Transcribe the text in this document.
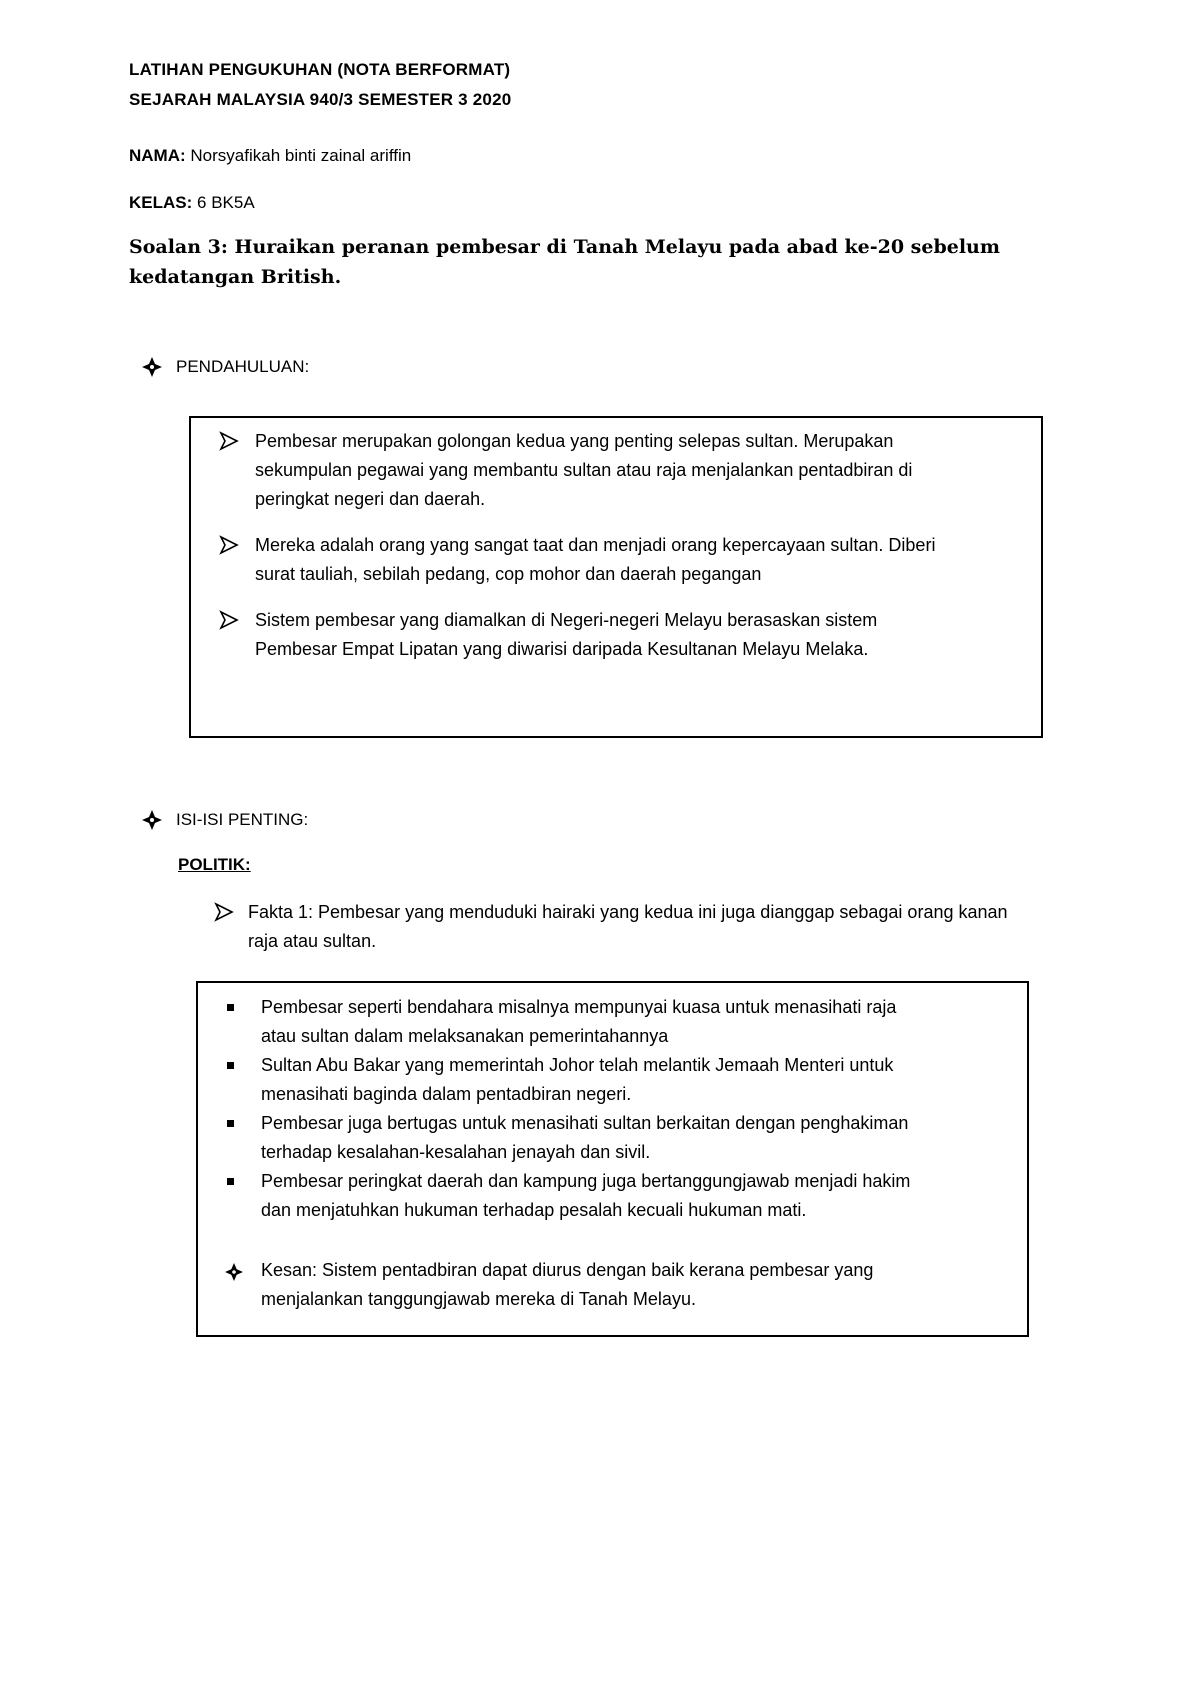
LATIHAN PENGUKUHAN (NOTA BERFORMAT)
SEJARAH MALAYSIA 940/3 SEMESTER 3 2020
NAMA: Norsyafikah binti zainal ariffin
KELAS: 6 BK5A
Soalan 3: Huraikan peranan pembesar di Tanah Melayu pada abad ke-20 sebelum
kedatangan British.
PENDAHULUAN:
Pembesar merupakan golongan kedua yang penting selepas sultan. Merupakan
sekumpulan pegawai yang membantu sultan atau raja menjalankan pentadbiran di
peringkat negeri dan daerah.
Mereka adalah orang yang sangat taat dan menjadi orang kepercayaan sultan. Diberi
surat tauliah, sebilah pedang, cop mohor dan daerah pegangan
Sistem pembesar yang diamalkan di Negeri-negeri Melayu berasaskan sistem
Pembesar Empat Lipatan yang diwarisi daripada Kesultanan Melayu Melaka.
ISI-ISI PENTING:
POLITIK:
Fakta 1: Pembesar yang menduduki hairaki yang kedua ini juga dianggap sebagai orang kanan
raja atau sultan.
Pembesar seperti bendahara misalnya mempunyai kuasa untuk menasihati raja
atau sultan dalam melaksanakan pemerintahannya
Sultan Abu Bakar yang memerintah Johor telah melantik Jemaah Menteri untuk
menasihati baginda dalam pentadbiran negeri.
Pembesar juga bertugas untuk menasihati sultan berkaitan dengan penghakiman
terhadap kesalahan-kesalahan jenayah dan sivil.
Pembesar peringkat daerah dan kampung juga bertanggungjawab menjadi hakim
dan menjatuhkan hukuman terhadap pesalah kecuali hukuman mati.
Kesan: Sistem pentadbiran dapat diurus dengan baik kerana pembesar yang
menjalankan tanggungjawab mereka di Tanah Melayu.
